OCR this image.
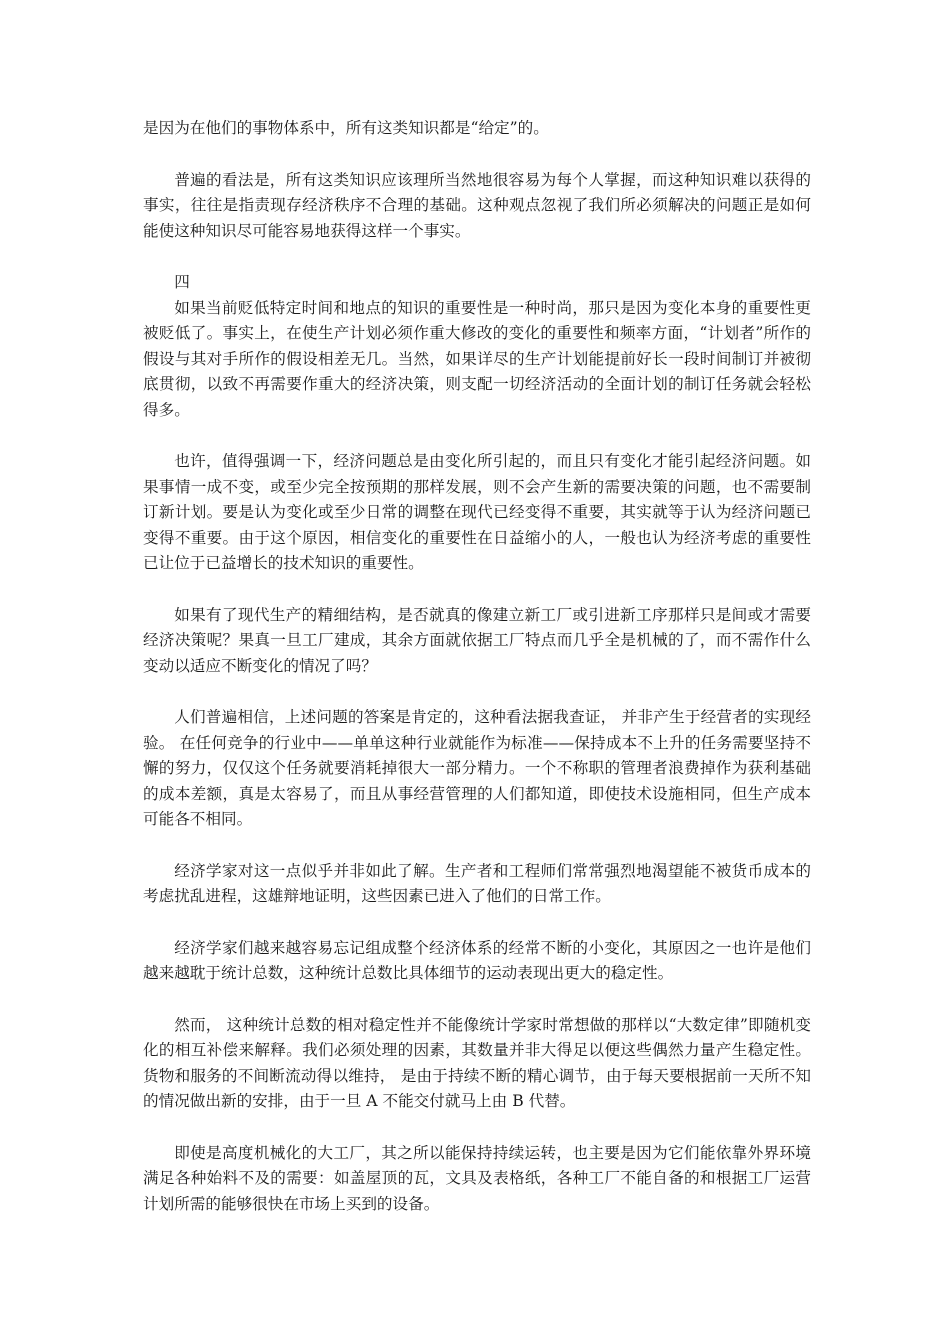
是因为在他们的事物体系中，所有这类知识都是“给定”的。

普遍的看法是，所有这类知识应该理所当然地很容易为每个人掌握，而这种知识难以获得的事实，往往是指责现存经济秩序不合理的基础。这种观点忽视了我们所必须解决的问题正是如何能使这种知识尽可能容易地获得这样一个事实。

四

如果当前贬低特定时间和地点的知识的重要性是一种时尚，那只是因为变化本身的重要性更被贬低了。事实上，在使生产计划必须作重大修改的变化的重要性和频率方面，“计划者”所作的假设与其对手所作的假设相差无几。当然，如果详尽的生产计划能提前好长一段时间制订并被彻底贯彻，以致不再需要作重大的经济决策，则支配一切经济活动的全面计划的制订任务就会轻松得多。

也许，值得强调一下，经济问题总是由变化所引起的，而且只有变化才能引起经济问题。如果事情一成不变，或至少完全按预期的那样发展，则不会产生新的需要决策的问题，也不需要制订新计划。要是认为变化或至少日常的调整在现代已经变得不重要，其实就等于认为经济问题已变得不重要。由于这个原因，相信变化的重要性在日益缩小的人，一般也认为经济考虑的重要性已让位于已益增长的技术知识的重要性。

如果有了现代生产的精细结构，是否就真的像建立新工厂或引进新工序那样只是间或才需要经济决策呢？果真一旦工厂建成，其余方面就依据工厂特点而几乎全是机械的了，而不需作什么变动以适应不断变化的情况了吗？

人们普遍相信，上述问题的答案是肯定的，这种看法据我查证， 并非产生于经营者的实现经验。 在任何竞争的行业中——单单这种行业就能作为标准——保持成本不上升的任务需要坚持不懈的努力，仅仅这个任务就要消耗掉很大一部分精力。一个不称职的管理者浪费掉作为获利基础的成本差额，真是太容易了，而且从事经营管理的人们都知道，即使技术设施相同，但生产成本可能各不相同。

经济学家对这一点似乎并非如此了解。生产者和工程师们常常强烈地渴望能不被货币成本的考虑扰乱进程，这雄辩地证明，这些因素已进入了他们的日常工作。

经济学家们越来越容易忘记组成整个经济体系的经常不断的小变化，其原因之一也许是他们越来越耽于统计总数，这种统计总数比具体细节的运动表现出更大的稳定性。

然而， 这种统计总数的相对稳定性并不能像统计学家时常想做的那样以“大数定律”即随机变化的相互补偿来解释。我们必须处理的因素，其数量并非大得足以便这些偶然力量产生稳定性。货物和服务的不间断流动得以维持， 是由于持续不断的精心调节，由于每天要根据前一天所不知的情况做出新的安排，由于一旦 A 不能交付就马上由 B 代替。

即使是高度机械化的大工厂，其之所以能保持持续运转，也主要是因为它们能依靠外界环境满足各种始料不及的需要：如盖屋顶的瓦，文具及表格纸，各种工厂不能自备的和根据工厂运营计划所需的能够很快在市场上买到的设备。
